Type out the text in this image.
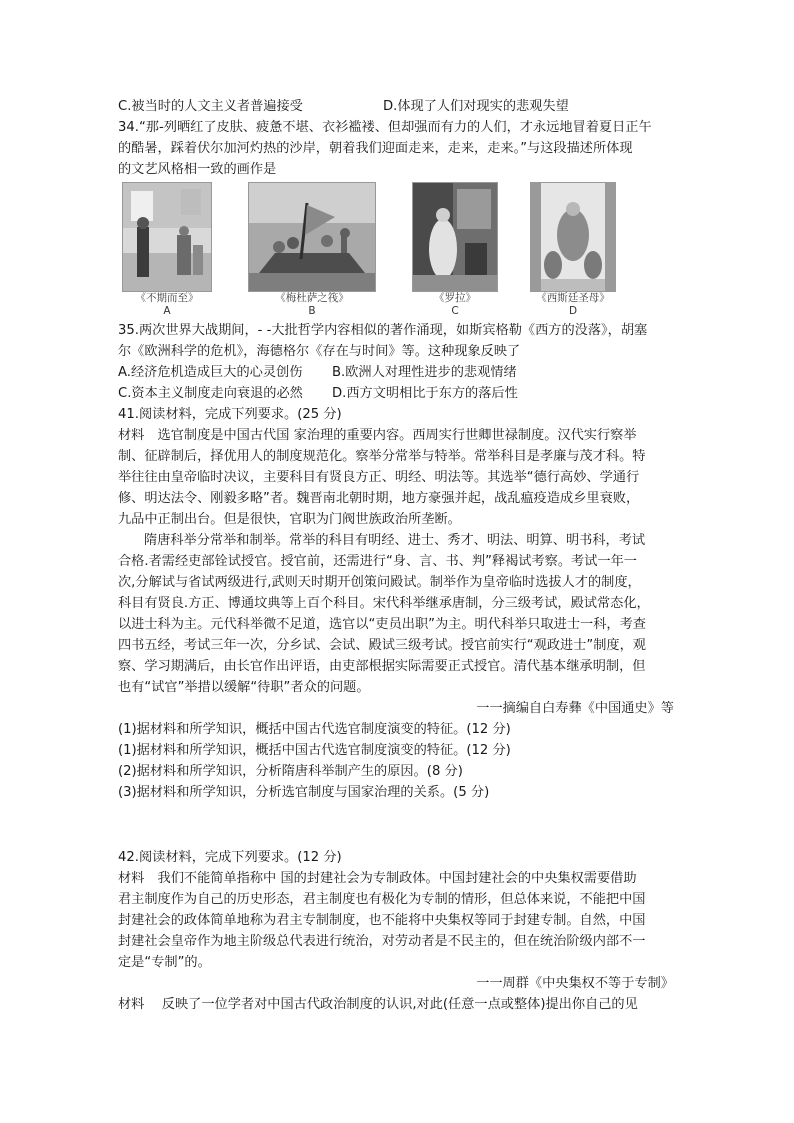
C.被当时的人文主义者普遍接受	D.体现了人们对现实的悲观失望
34.“那-列晒红了皮肤、疲惫不堪、衣衫褴褛、但却强而有力的人们，才永远地冒着夏日正午
的酷暑，踩着伏尔加河灼热的沙岸，朝着我们迎面走来，走来，走来。”与这段描述所体现
的文艺风格相一致的画作是
《不期而至》
A
《梅杜萨之筏》
B
《罗拉》
C
《西斯廷圣母》
D
35.两次世界大战期间，- -大批哲学内容相似的著作涌现，如斯宾格勒《西方的没落》，胡塞
尔《欧洲科学的危机》，海德格尔《存在与时间》等。这种现象反映了
A.经济危机造成巨大的心灵创伤	B.欧洲人对理性进步的悲观情绪
C.资本主义制度走向衰退的必然	D.西方文明相比于东方的落后性
41.阅读材料，完成下列要求。(25 分)
材料　选官制度是中国古代国 家治理的重要内容。西周实行世卿世禄制度。汉代实行察举
制、征辟制后，择优用人的制度规范化。察举分常举与特举。常举科目是孝廉与茂才科。特
举往往由皇帝临时决议，主要科目有贤良方正、明经、明法等。其选举“德行高妙、学通行
修、明达法令、刚毅多略”者。魏晋南北朝时期，地方豪强并起，战乱瘟疫造成乡里衰败，
九品中正制出台。但是很快，官职为门阀世族政治所垄断。
隋唐科举分常举和制举。常举的科目有明经、进士、秀才、明法、明算、明书科，考试
合格.者需经吏部铨试授官。授官前，还需进行“身、言、书、判”释褐试考察。考试一年一
次,分解试与省试两级进行,武则天时期开创策问殿试。制举作为皇帝临时选拔人才的制度，
科目有贤良.方正、博通坟典等上百个科目。宋代科举继承唐制，分三级考试，殿试常态化，
以进士科为主。元代科举微不足道，选官以“吏员出职”为主。明代科举只取进士一科，考查
四书五经，考试三年一次，分乡试、会试、殿试三级考试。授官前实行“观政进士”制度，观
察、学习期满后，由长官作出评语，由吏部根据实际需要正式授官。清代基本继承明制，但
也有“试官”举措以缓解“待职”者众的问题。
一一摘编自白寿彝《中国通史》等
(1)据材料和所学知识，概括中国古代选官制度演变的特征。(12 分)
(1)据材料和所学知识，概括中国古代选官制度演变的特征。(12 分)
(2)据材料和所学知识，分析隋唐科举制产生的原因。(8 分)
(3)据材料和所学知识，分析选官制度与国家治理的关系。(5 分)
42.阅读材料，完成下列要求。(12 分)
材料　我们不能简单指称中 国的封建社会为专制政体。中国封建社会的中央集权需要借助
君主制度作为自己的历史形态，君主制度也有极化为专制的情形，但总体来说，不能把中国
封建社会的政体简单地称为君主专制制度，也不能将中央集权等同于封建专制。自然，中国
封建社会皇帝作为地主阶级总代表进行统治，对劳动者是不民主的，但在统治阶级内部不一
定是“专制”的。
一一周群《中央集权不等于专制》
材料　 反映了一位学者对中国古代政治制度的认识,对此(任意一点或整体)提出你自己的见
